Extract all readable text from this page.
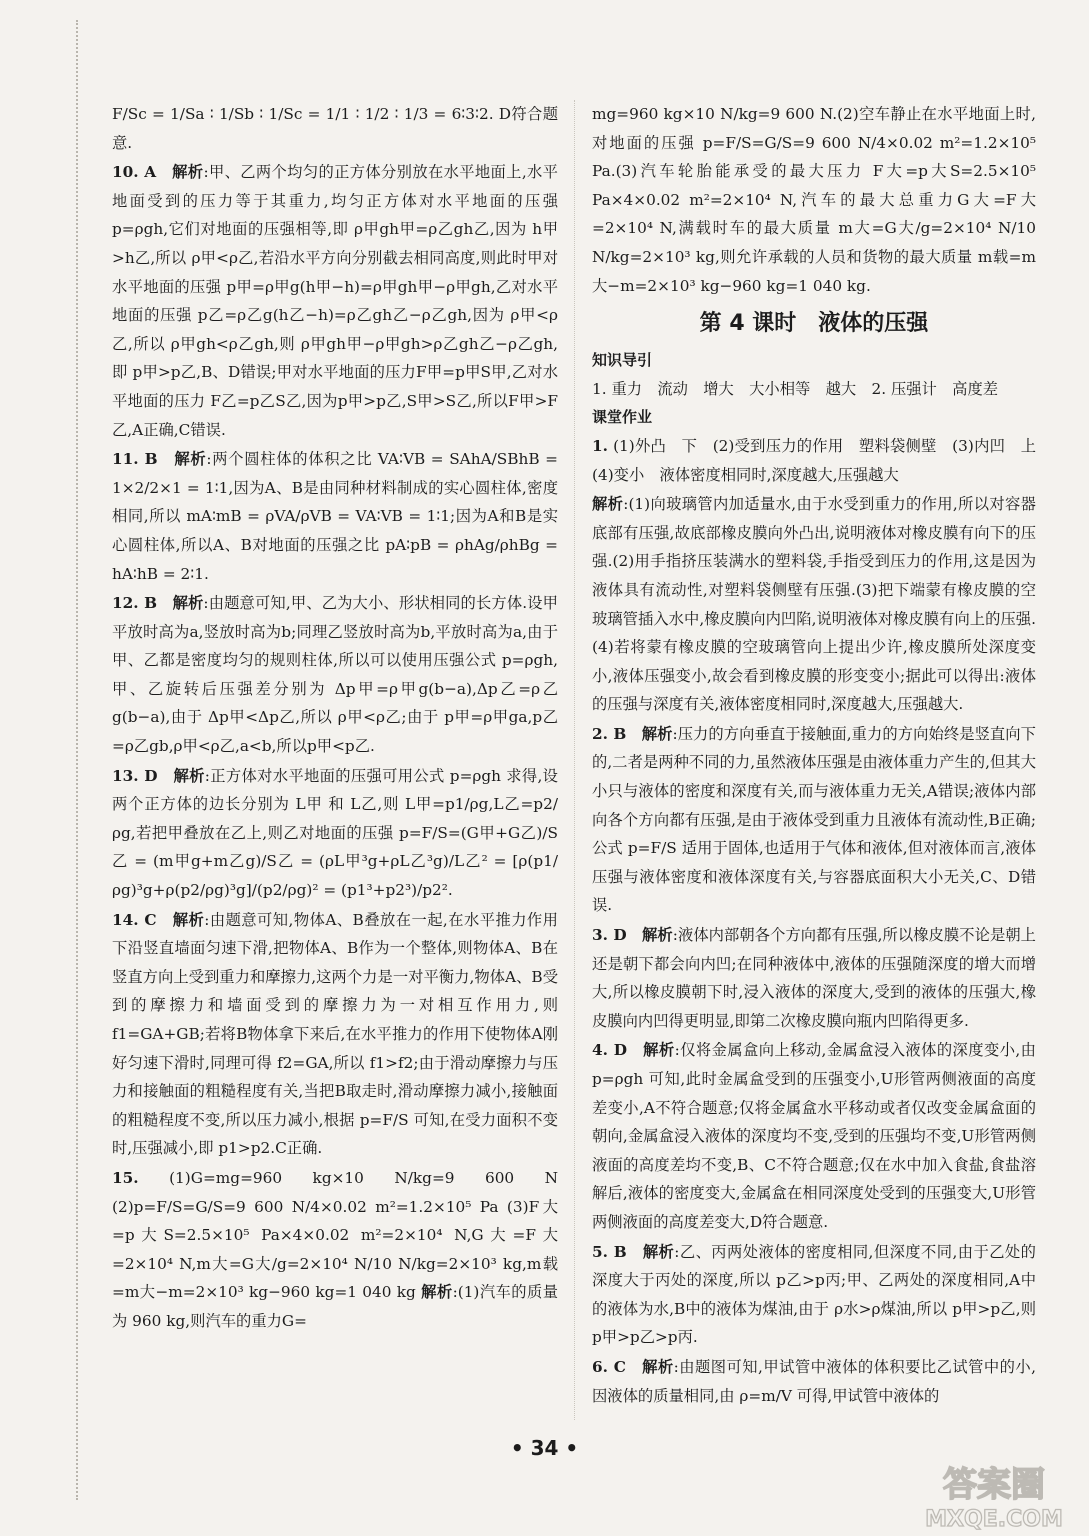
F/Sc = 1/Sa ∶ 1/Sb ∶ 1/Sc = 1/1 ∶ 1/2 ∶ 1/3 = 6∶3∶2. D符合题意.

10. A　 解析:甲、乙两个均匀的正方体分别放在水平地面上,水平地面受到的压力等于其重力,均匀正方体对水平地面的压强 p=ρgh,它们对地面的压强相等,即 ρ甲gh甲=ρ乙gh乙,因为 h甲>h乙,所以 ρ甲<ρ乙,若沿水平方向分别截去相同高度,则此时甲对水平地面的压强 p甲=ρ甲g(h甲−h)=ρ甲gh甲−ρ甲gh,乙对水平地面的压强 p乙=ρ乙g(h乙−h)=ρ乙gh乙−ρ乙gh,因为 ρ甲<ρ乙,所以 ρ甲gh<ρ乙gh,则 ρ甲gh甲−ρ甲gh>ρ乙gh乙−ρ乙gh,即 p甲>p乙,B、D错误;甲对水平地面的压力F甲=p甲S甲,乙对水平地面的压力 F乙=p乙S乙,因为p甲>p乙,S甲>S乙,所以F甲>F乙,A正确,C错误.

11. B　 解析:两个圆柱体的体积之比 VA∶VB = SAhA/SBhB = 1×2/2×1 = 1∶1,因为A、B是由同种材料制成的实心圆柱体,密度相同,所以 mA∶mB = ρVA/ρVB = VA∶VB = 1∶1;因为A和B是实心圆柱体,所以A、B对地面的压强之比 pA∶pB = ρhAg/ρhBg = hA∶hB = 2∶1.

12. B　 解析:由题意可知,甲、乙为大小、形状相同的长方体.设甲平放时高为a,竖放时高为b;同理乙竖放时高为b,平放时高为a,由于甲、乙都是密度均匀的规则柱体,所以可以使用压强公式 p=ρgh,甲、乙旋转后压强差分别为 Δp甲=ρ甲g(b−a),Δp乙=ρ乙g(b−a),由于 Δp甲<Δp乙,所以 ρ甲<ρ乙;由于 p甲=ρ甲ga,p乙=ρ乙gb,ρ甲<ρ乙,a<b,所以p甲<p乙.

13. D　 解析:正方体对水平地面的压强可用公式 p=ρgh 求得,设两个正方体的边长分别为 L甲 和 L乙,则 L甲=p1/ρg,L乙=p2/ρg,若把甲叠放在乙上,则乙对地面的压强 p=F/S=(G甲+G乙)/S乙 = (m甲g+m乙g)/S乙 = (ρL甲³g+ρL乙³g)/L乙² = [ρ(p1/ρg)³g+ρ(p2/ρg)³g]/(p2/ρg)² = (p1³+p2³)/p2².

14. C　 解析:由题意可知,物体A、B叠放在一起,在水平推力作用下沿竖直墙面匀速下滑,把物体A、B作为一个整体,则物体A、B在竖直方向上受到重力和摩擦力,这两个力是一对平衡力,物体A、B受到的摩擦力和墙面受到的摩擦力为一对相互作用力,则 f1=GA+GB;若将B物体拿下来后,在水平推力的作用下使物体A刚好匀速下滑时,同理可得 f2=GA,所以 f1>f2;由于滑动摩擦力与压力和接触面的粗糙程度有关,当把B取走时,滑动摩擦力减小,接触面的粗糙程度不变,所以压力减小,根据 p=F/S 可知,在受力面积不变时,压强减小,即 p1>p2.C正确.

15. (1)G=mg=960 kg×10 N/kg=9 600 N (2)p=F/S=G/S=9 600 N/4×0.02 m²=1.2×10⁵ Pa (3)F大=p大S=2.5×10⁵ Pa×4×0.02 m²=2×10⁴ N,G大=F大=2×10⁴ N,m大=G大/g=2×10⁴ N/10 N/kg=2×10³ kg,m载=m大−m=2×10³ kg−960 kg=1 040 kg 解析:(1)汽车的质量为 960 kg,则汽车的重力G=

mg=960 kg×10 N/kg=9 600 N.(2)空车静止在水平地面上时,对地面的压强 p=F/S=G/S=9 600 N/4×0.02 m²=1.2×10⁵ Pa.(3)汽车轮胎能承受的最大压力 F大=p大S=2.5×10⁵ Pa×4×0.02 m²=2×10⁴ N,汽车的最大总重力G大=F大=2×10⁴ N,满载时车的最大质量 m大=G大/g=2×10⁴ N/10 N/kg=2×10³ kg,则允许承载的人员和货物的最大质量 m载=m大−m=2×10³ kg−960 kg=1 040 kg.

第 4 课时　液体的压强

知识导引

1. 重力　流动　增大　大小相等　越大　2. 压强计　高度差

课堂作业

1. (1)外凸　下　(2)受到压力的作用　塑料袋侧壁　(3)内凹　上　(4)变小　液体密度相同时,深度越大,压强越大

解析:(1)向玻璃管内加适量水,由于水受到重力的作用,所以对容器底部有压强,故底部橡皮膜向外凸出,说明液体对橡皮膜有向下的压强.(2)用手指挤压装满水的塑料袋,手指受到压力的作用,这是因为液体具有流动性,对塑料袋侧壁有压强.(3)把下端蒙有橡皮膜的空玻璃管插入水中,橡皮膜向内凹陷,说明液体对橡皮膜有向上的压强.(4)若将蒙有橡皮膜的空玻璃管向上提出少许,橡皮膜所处深度变小,液体压强变小,故会看到橡皮膜的形变变小;据此可以得出:液体的压强与深度有关,液体密度相同时,深度越大,压强越大.

2. B　 解析:压力的方向垂直于接触面,重力的方向始终是竖直向下的,二者是两种不同的力,虽然液体压强是由液体重力产生的,但其大小只与液体的密度和深度有关,而与液体重力无关,A错误;液体内部向各个方向都有压强,是由于液体受到重力且液体有流动性,B正确;公式 p=F/S 适用于固体,也适用于气体和液体,但对液体而言,液体压强与液体密度和液体深度有关,与容器底面积大小无关,C、D错误.

3. D　 解析:液体内部朝各个方向都有压强,所以橡皮膜不论是朝上还是朝下都会向内凹;在同种液体中,液体的压强随深度的增大而增大,所以橡皮膜朝下时,浸入液体的深度大,受到的液体的压强大,橡皮膜向内凹得更明显,即第二次橡皮膜向瓶内凹陷得更多.

4. D　 解析:仅将金属盒向上移动,金属盒浸入液体的深度变小,由 p=ρgh 可知,此时金属盒受到的压强变小,U形管两侧液面的高度差变小,A不符合题意;仅将金属盒水平移动或者仅改变金属盒面的朝向,金属盒浸入液体的深度均不变,受到的压强均不变,U形管两侧液面的高度差均不变,B、C不符合题意;仅在水中加入食盐,食盐溶解后,液体的密度变大,金属盒在相同深度处受到的压强变大,U形管两侧液面的高度差变大,D符合题意.

5. B　 解析:乙、丙两处液体的密度相同,但深度不同,由于乙处的深度大于丙处的深度,所以 p乙>p丙;甲、乙两处的深度相同,A中的液体为水,B中的液体为煤油,由于 ρ水>ρ煤油,所以 p甲>p乙,则 p甲>p乙>p丙.

6. C　 解析:由题图可知,甲试管中液体的体积要比乙试管中的小,因液体的质量相同,由 ρ=m/V 可得,甲试管中液体的

• 34 •
答案圈
MXQE.COM
